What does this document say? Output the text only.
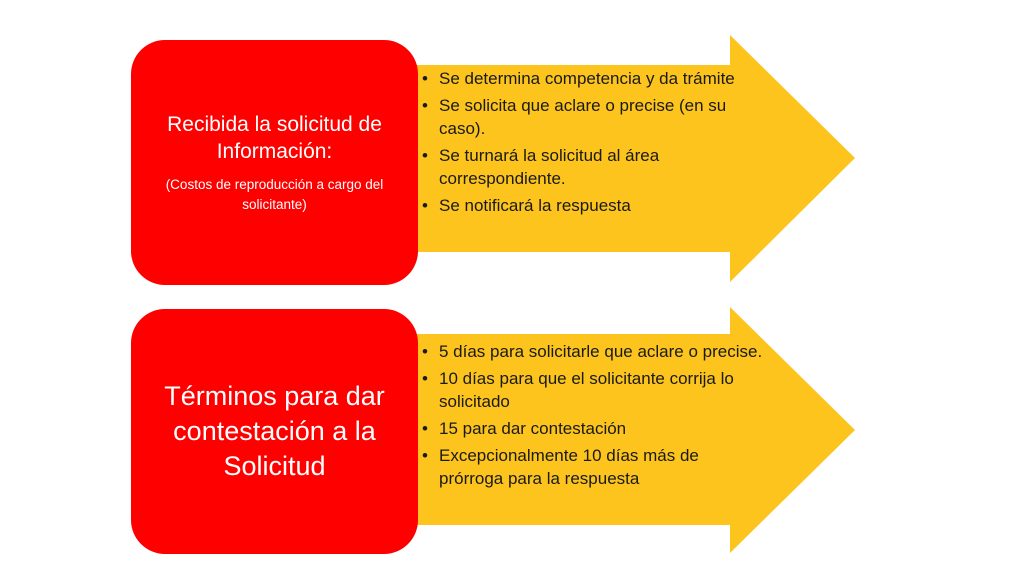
Recibida la solicitud de Información:
(Costos de reproducción a cargo del solicitante)
• Se determina competencia y da trámite
• Se solicita que aclare o precise (en su caso).
• Se turnará la solicitud al área correspondiente.
• Se notificará la respuesta
Términos para dar contestación a la Solicitud
• 5 días para solicitarle que aclare o precise.
• 10 días para que el solicitante corrija lo solicitado
• 15 para dar contestación
• Excepcionalmente 10 días más de prórroga para la respuesta
